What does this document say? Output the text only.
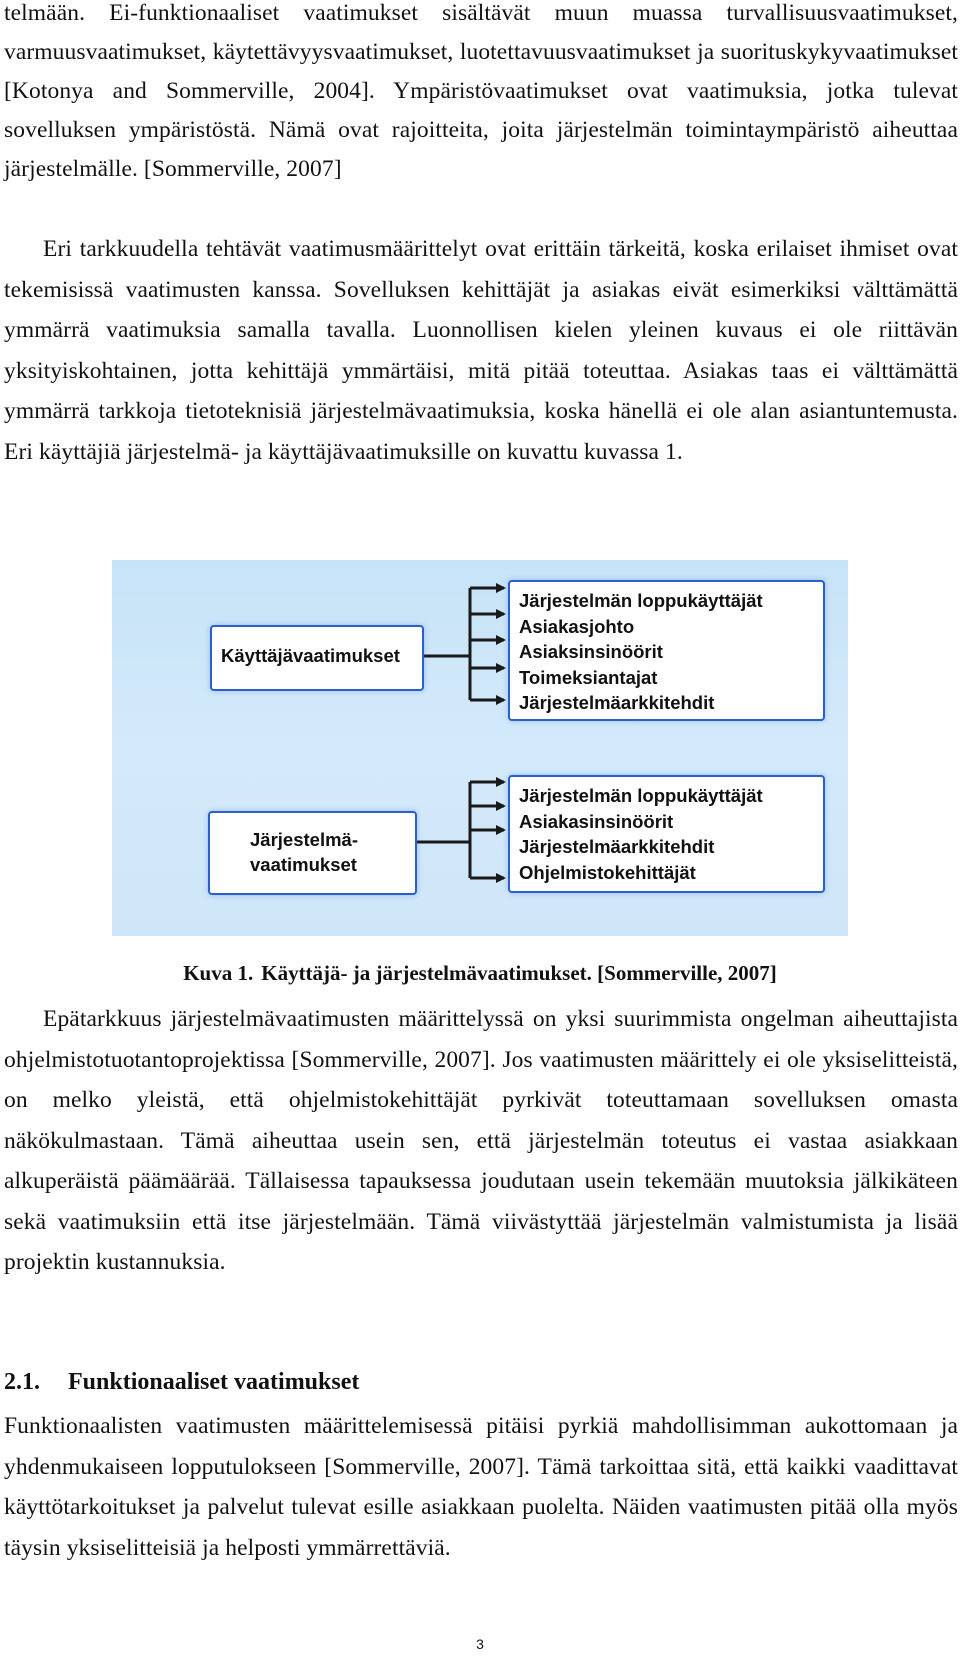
telmään. Ei-funktionaaliset vaatimukset sisältävät muun muassa turvallisuusvaatimukset, varmuusvaatimukset, käytettävyysvaatimukset, luotettavuusvaatimukset ja suorituskykyvaatimukset [Kotonya and Sommerville, 2004]. Ympäristövaatimukset ovat vaatimuksia, jotka tulevat sovelluksen ympäristöstä. Nämä ovat rajoitteita, joita järjestelmän toimintaympäristö aiheuttaa järjestelmälle. [Sommerville, 2007]

Eri tarkkuudella tehtävät vaatimusmäärittelyt ovat erittäin tärkeitä, koska erilaiset ihmiset ovat tekemisissä vaatimusten kanssa. Sovelluksen kehittäjät ja asiakas eivät esimerkiksi välttämättä ymmärrä vaatimuksia samalla tavalla. Luonnollisen kielen yleinen kuvaus ei ole riittävän yksityiskohtainen, jotta kehittäjä ymmärtäisi, mitä pitää toteuttaa. Asiakas taas ei välttämättä ymmärrä tarkkoja tietoteknisiä järjestelmävaatimuksia, koska hänellä ei ole alan asiantuntemusta. Eri käyttäjiä järjestelmä- ja käyttäjävaatimuksille on kuvattu kuvassa 1.

Käyttäjävaatimukset
Järjestelmä-
vaatimukset
Järjestelmän loppukäyttäjät
Asiakasjohto
Asiaksinsinöörit
Toimeksiantajat
Järjestelmäarkkitehdit
Järjestelmän loppukäyttäjät
Asiakasinsinöörit
Järjestelmäarkkitehdit
Ohjelmistokehittäjät
Kuva 1. Käyttäjä- ja järjestelmävaatimukset. [Sommerville, 2007]

Epätarkkuus järjestelmävaatimusten määrittelyssä on yksi suurimmista ongelman aiheuttajista ohjelmistotuotantoprojektissa [Sommerville, 2007]. Jos vaatimusten määrittely ei ole yksiselitteistä, on melko yleistä, että ohjelmistokehittäjät pyrkivät toteuttamaan sovelluksen omasta näkökulmastaan. Tämä aiheuttaa usein sen, että järjestelmän toteutus ei vastaa asiakkaan alkuperäistä päämäärää. Tällaisessa tapauksessa joudutaan usein tekemään muutoksia jälkikäteen sekä vaatimuksiin että itse järjestelmään. Tämä viivästyttää järjestelmän valmistumista ja lisää projektin kustannuksia.

2.1. Funktionaaliset vaatimukset

Funktionaalisten vaatimusten määrittelemisessä pitäisi pyrkiä mahdollisimman aukottomaan ja yhdenmukaiseen lopputulokseen [Sommerville, 2007]. Tämä tarkoittaa sitä, että kaikki vaadittavat käyttötarkoitukset ja palvelut tulevat esille asiakkaan puolelta. Näiden vaatimusten pitää olla myös täysin yksiselitteisiä ja helposti ymmärrettäviä.

3
